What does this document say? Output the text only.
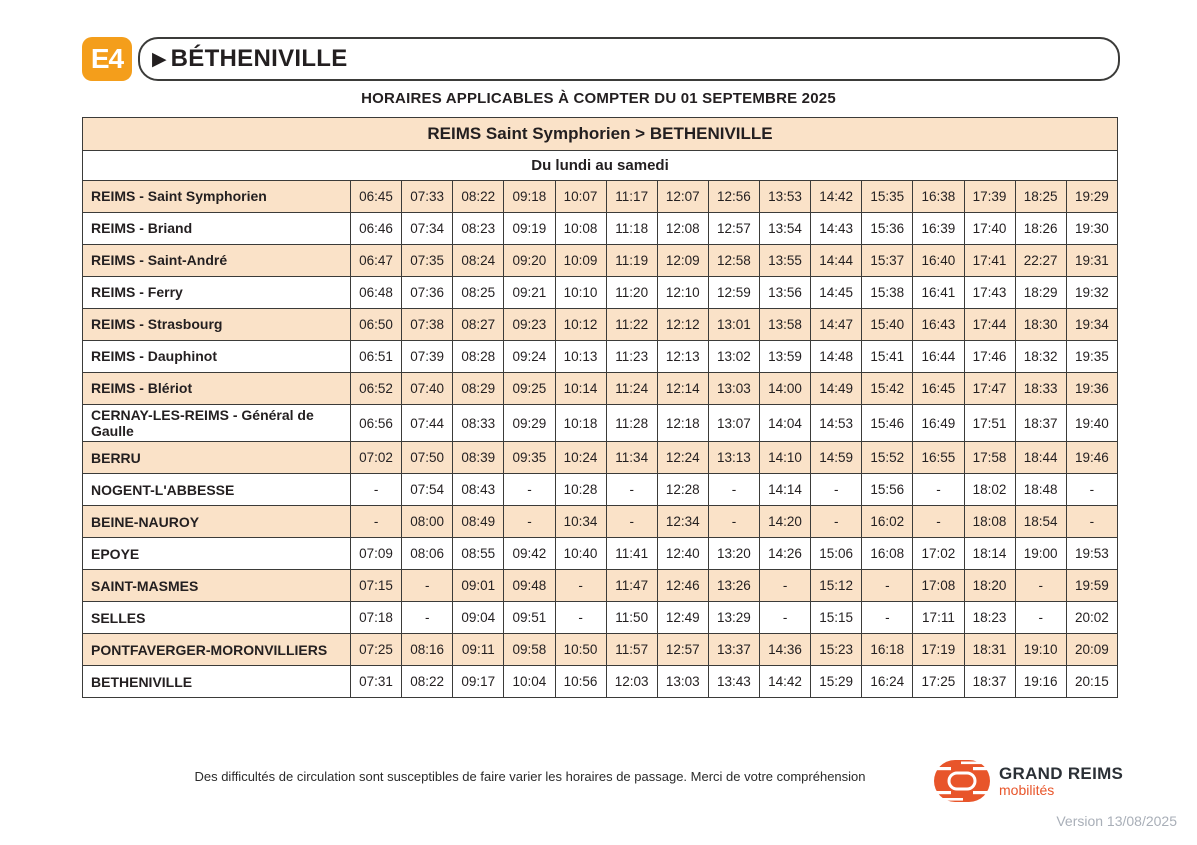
E4	▶ BÉTHENIVILLE
HORAIRES APPLICABLES À COMPTER DU 01 SEPTEMBRE 2025
REIMS Saint Symphorien > BETHENIVILLE															
Du lundi au samedi															
REIMS - Saint Symphorien	06:45	07:33	08:22	09:18	10:07	11:17	12:07	12:56	13:53	14:42	15:35	16:38	17:39	18:25	19:29
REIMS - Briand	06:46	07:34	08:23	09:19	10:08	11:18	12:08	12:57	13:54	14:43	15:36	16:39	17:40	18:26	19:30
REIMS - Saint-André	06:47	07:35	08:24	09:20	10:09	11:19	12:09	12:58	13:55	14:44	15:37	16:40	17:41	22:27	19:31
REIMS - Ferry	06:48	07:36	08:25	09:21	10:10	11:20	12:10	12:59	13:56	14:45	15:38	16:41	17:43	18:29	19:32
REIMS - Strasbourg	06:50	07:38	08:27	09:23	10:12	11:22	12:12	13:01	13:58	14:47	15:40	16:43	17:44	18:30	19:34
REIMS - Dauphinot	06:51	07:39	08:28	09:24	10:13	11:23	12:13	13:02	13:59	14:48	15:41	16:44	17:46	18:32	19:35
REIMS - Blériot	06:52	07:40	08:29	09:25	10:14	11:24	12:14	13:03	14:00	14:49	15:42	16:45	17:47	18:33	19:36
CERNAY-LES-REIMS - Général de Gaulle	06:56	07:44	08:33	09:29	10:18	11:28	12:18	13:07	14:04	14:53	15:46	16:49	17:51	18:37	19:40
BERRU	07:02	07:50	08:39	09:35	10:24	11:34	12:24	13:13	14:10	14:59	15:52	16:55	17:58	18:44	19:46
NOGENT-L'ABBESSE	-	07:54	08:43	-	10:28	-	12:28	-	14:14	-	15:56	-	18:02	18:48	-
BEINE-NAUROY	-	08:00	08:49	-	10:34	-	12:34	-	14:20	-	16:02	-	18:08	18:54	-
EPOYE	07:09	08:06	08:55	09:42	10:40	11:41	12:40	13:20	14:26	15:06	16:08	17:02	18:14	19:00	19:53
SAINT-MASMES	07:15	-	09:01	09:48	-	11:47	12:46	13:26	-	15:12	-	17:08	18:20	-	19:59
SELLES	07:18	-	09:04	09:51	-	11:50	12:49	13:29	-	15:15	-	17:11	18:23	-	20:02
PONTFAVERGER-MORONVILLIERS	07:25	08:16	09:11	09:58	10:50	11:57	12:57	13:37	14:36	15:23	16:18	17:19	18:31	19:10	20:09
BETHENIVILLE	07:31	08:22	09:17	10:04	10:56	12:03	13:03	13:43	14:42	15:29	16:24	17:25	18:37	19:16	20:15
Des difficultés de circulation sont susceptibles de faire varier les horaires de passage. Merci de votre compréhension	GRAND REIMS
mobilités
Version 13/08/2025
